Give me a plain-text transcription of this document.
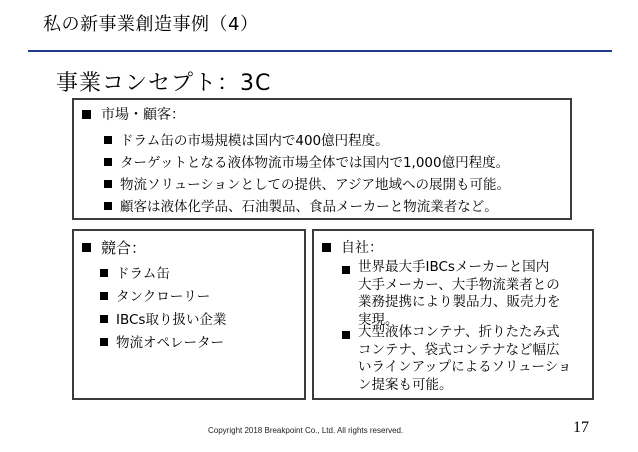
私の新事業創造事例（4）
事業コンセプト：3C
市場・顧客：
ドラム缶の市場規模は国内で400億円程度。
ターゲットとなる液体物流市場全体では国内で1,000億円程度。
物流ソリューションとしての提供、アジア地域への展開も可能。
顧客は液体化学品、石油製品、食品メーカーと物流業者など。
競合：
ドラム缶
タンクローリー
IBCs取り扱い企業
物流オペレーター
自社：
世界最大手IBCsメーカーと国内
大手メーカー、大手物流業者との
業務提携により製品力、販売力を
実現。
大型液体コンテナ、折りたたみ式
コンテナ、袋式コンテナなど幅広
いラインアップによるソリューショ
ン提案も可能。
Copyright 2018 Breakpoint Co., Ltd. All rights reserved.	17
